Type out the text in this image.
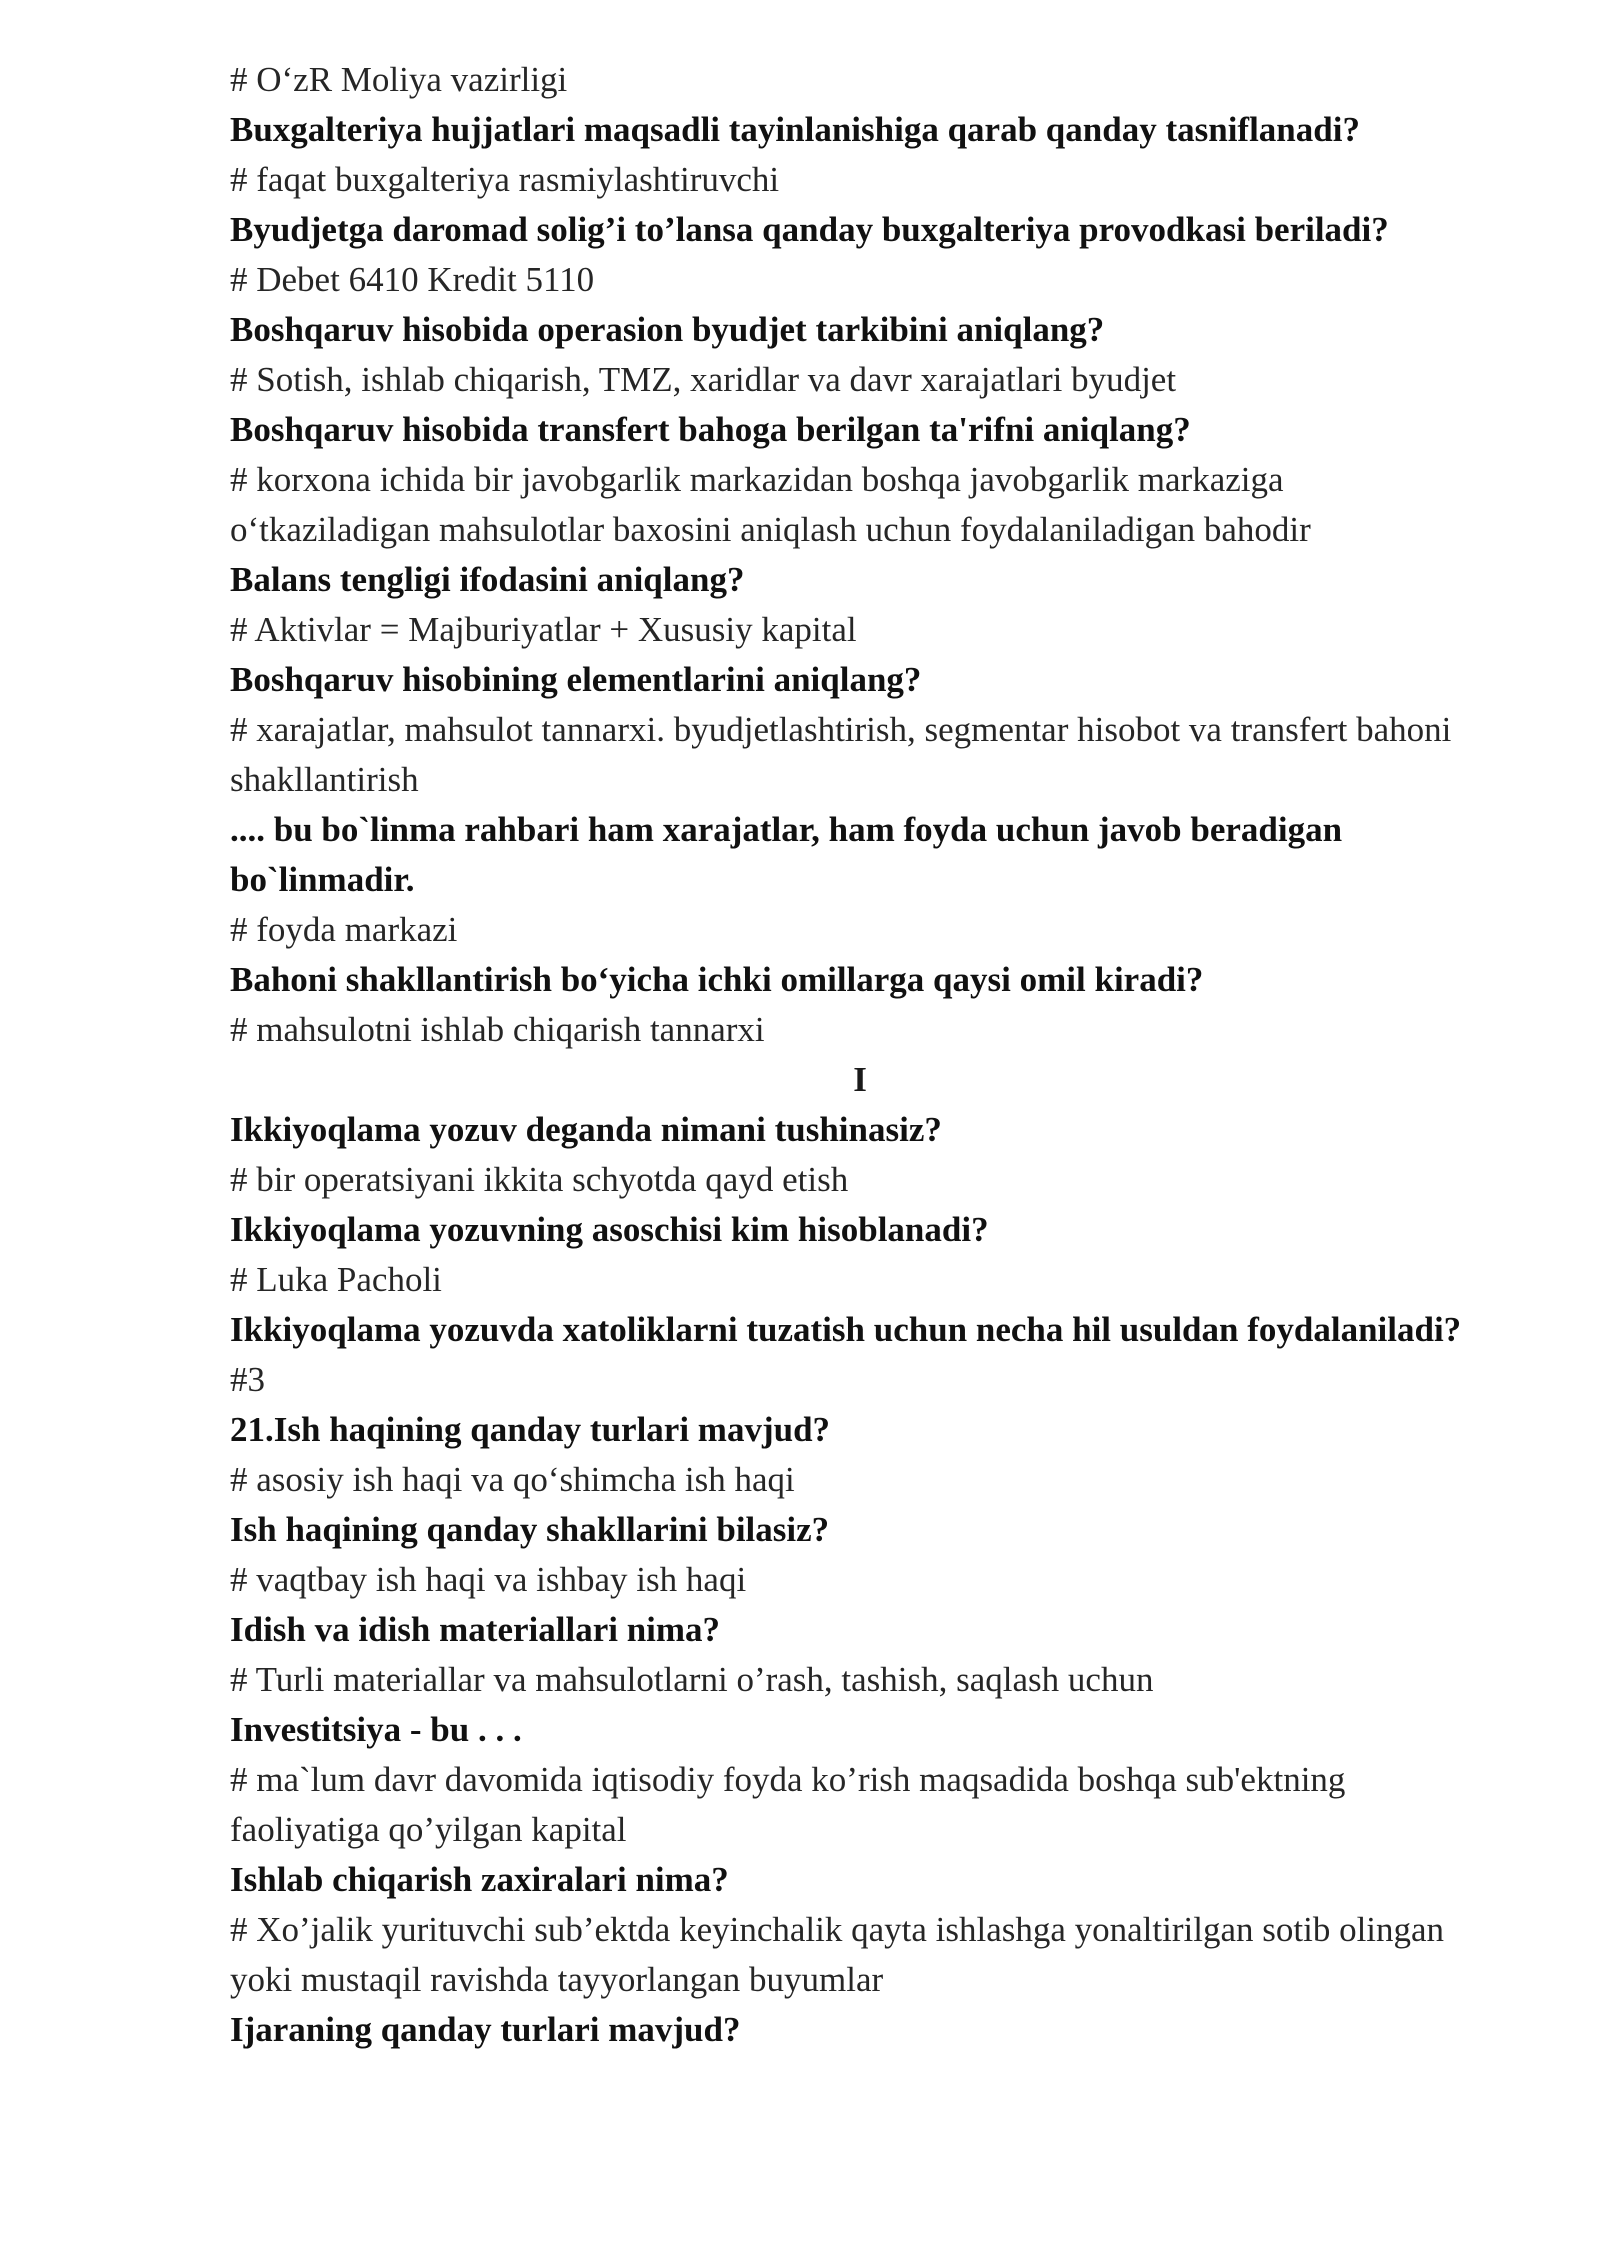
# O‘zR Moliya vazirligi

Buxgalteriya hujjatlari maqsadli tayinlanishiga qarab qanday tasniflanadi?

# faqat buxgalteriya rasmiylashtiruvchi

Byudjetga daromad solig’i to’lansa qanday buxgalteriya provodkasi beriladi?

# Debet 6410 Kredit 5110

Boshqaruv hisobida operasion byudjet tarkibini aniqlang?

# Sotish, ishlab chiqarish, TMZ, xaridlar va davr xarajatlari byudjet

Boshqaruv hisobida transfert bahoga berilgan ta'rifni aniqlang?

# korxona ichida bir javobgarlik markazidan boshqa javobgarlik markaziga o‘tkaziladigan mahsulotlar baxosini aniqlash uchun foydalaniladigan bahodir

Balans tengligi ifodasini aniqlang?

# Aktivlar = Majburiyatlar + Xususiy kapital

Boshqaruv hisobining elementlarini aniqlang?

# xarajatlar, mahsulot tannarxi. byudjetlashtirish, segmentar hisobot va transfert bahoni shakllantirish

.... bu bo`linma rahbari ham xarajatlar, ham foyda uchun javob beradigan bo`linmadir.

# foyda markazi

Bahoni shakllantirish bo‘yicha ichki omillarga qaysi omil kiradi?

# mahsulotni ishlab chiqarish tannarxi

I

Ikkiyoqlama yozuv deganda nimani tushinasiz?

# bir operatsiyani ikkita schyotda qayd etish

Ikkiyoqlama yozuvning asoschisi kim hisoblanadi?

# Luka Pacholi

Ikkiyoqlama yozuvda xatoliklarni tuzatish uchun necha hil usuldan foydalaniladi?

#3

21.Ish haqining qanday turlari mavjud?

# asosiy ish haqi va qo‘shimcha ish haqi

Ish haqining qanday shakllarini bilasiz?

# vaqtbay ish haqi va ishbay ish haqi

Idish va idish materiallari nima?

# Turli materiallar va mahsulotlarni o’rash, tashish, saqlash uchun

Investitsiya - bu . . .

# ma`lum davr davomida iqtisodiy foyda ko’rish maqsadida boshqa sub'ektning faoliyatiga qo’yilgan kapital

Ishlab chiqarish zaxiralari nima?

# Xo’jalik yurituvchi sub’ektda keyinchalik qayta ishlashga yonaltirilgan sotib olingan yoki mustaqil ravishda tayyorlangan buyumlar

Ijaraning qanday turlari mavjud?
